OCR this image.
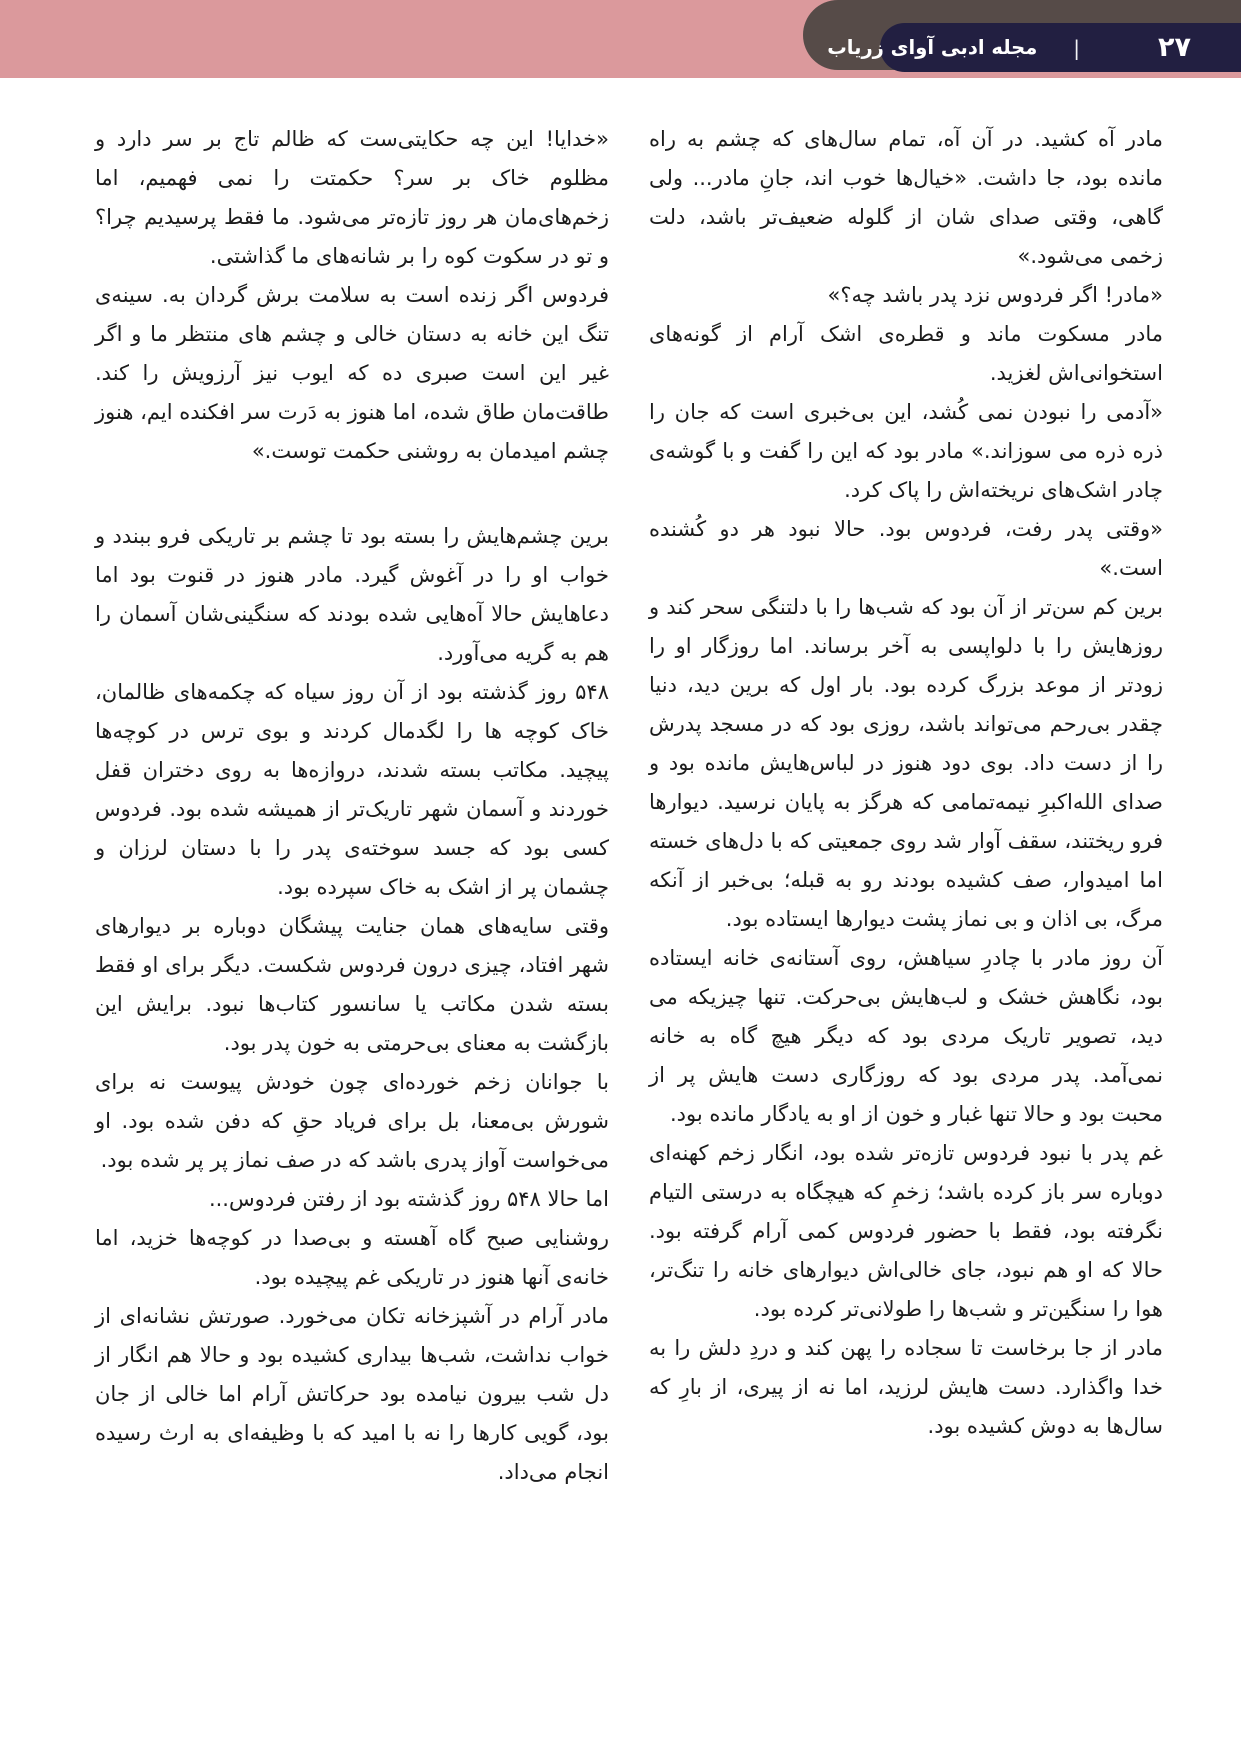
۲۷
|
مجله ادبی آوای زریاب

مادر آه کشید. در آن آه، تمام سال‌های که چشم به راه مانده بود، جا داشت. «خیال‌ها خوب اند، جانِ مادر... ولی گاهی، وقتی صدای شان از گلوله ضعیف‌تر باشد، دلت زخمی می‌شود.»

«مادر! اگر فردوس نزد پدر باشد چه؟»

مادر مسکوت ماند و قطره‌ی اشک آرام از گونه‌های استخوانی‌اش لغزید.

«آدمی را نبودن نمی کُشد، این بی‌خبری است که جان را ذره ذره می سوزاند.» مادر بود که این را گفت و با گوشه‌ی چادر اشک‌های نریخته‌اش را پاک کرد.

«وقتی پدر رفت، فردوس بود. حالا نبود هر دو کُشنده است.»

برین کم سن‌تر از آن بود که شب‌ها را با دلتنگی سحر کند و روزهایش را با دلواپسی به آخر برساند. اما روزگار او را زودتر از موعد بزرگ کرده بود. بار اول که برین دید، دنیا چقدر بی‌رحم می‌تواند باشد، روزی بود که در مسجد پدرش را از دست داد. بوی دود هنوز در لباس‌هایش مانده بود و صدای الله‌اکبرِ نیمه‌تمامی که هرگز به پایان نرسید. دیوارها فرو ریختند، سقف آوار شد روی جمعیتی که با دل‌های خسته اما امیدوار، صف کشیده بودند رو به قبله؛ بی‌خبر از آنکه مرگ، بی اذان و بی نماز پشت دیوارها ایستاده بود.

آن روز مادر با چادرِ سیاهش، روی آستانه‌ی خانه ایستاده بود، نگاهش خشک و لب‌هایش بی‌حرکت. تنها چیزیکه می دید، تصویر تاریک مردی بود که دیگر هیچ گاه به خانه نمی‌آمد. پدر مردی بود که روزگاری دست هایش پر از محبت بود و حالا تنها غبار و خون از او به یادگار مانده بود.

غم پدر با نبود فردوس تازه‌تر شده بود، انگار زخم کهنه‌ای دوباره سر باز کرده باشد؛ زخمِ که هیچگاه به درستی التیام نگرفته بود، فقط با حضور فردوس کمی آرام گرفته بود. حالا که او هم نبود، جای خالی‌اش دیوارهای خانه را تنگ‌تر، هوا را سنگین‌تر و شب‌ها را طولانی‌تر کرده بود.

مادر از جا برخاست تا سجاده را پهن کند و دردِ دلش را به خدا واگذارد. دست هایش لرزید، اما نه از پیری، از بارِ که سال‌ها به دوش کشیده بود.

«خدایا! این چه حکایتی‌ست که ظالم تاج بر سر دارد و مظلوم خاک بر سر؟ حکمتت را نمی فهمیم، اما زخم‌های‌مان هر روز تازه‌تر می‌شود. ما فقط پرسیدیم چرا؟ و تو در سکوت کوه را بر شانه‌های ما گذاشتی.

فردوس اگر زنده است به سلامت برش گردان به. سینه‌ی تنگ این خانه به دستان خالی و چشم های منتظر ما و اگر غیر این است صبری ده که ایوب نیز آرزویش را کند. طاقت‌مان طاق شده، اما هنوز به دَرت سر افکنده ایم، هنوز چشم امیدمان به روشنی حکمت توست.»

برین چشم‌هایش را بسته بود تا چشم بر تاریکی فرو ببندد و خواب او را در آغوش گیرد. مادر هنوز در قنوت بود اما دعاهایش حالا آه‌هایی شده بودند که سنگینی‌شان آسمان را هم به گریه می‌آورد.

۵۴۸ روز گذشته بود از آن روز سیاه که چکمه‌های ظالمان، خاک کوچه ها را لگدمال کردند و بوی ترس در کوچه‌ها پیچید. مکاتب بسته شدند، دروازه‌ها به روی دختران قفل خوردند و آسمان شهر تاریک‌تر از همیشه شده بود. فردوس کسی بود که جسد سوخته‌ی پدر را با دستان لرزان و چشمان پر از اشک به خاک سپرده بود.

وقتی سایه‌های همان جنایت پیشگان دوباره بر دیوارهای شهر افتاد، چیزی درون فردوس شکست. دیگر برای او فقط بسته شدن مکاتب یا سانسور کتاب‌ها نبود. برایش این بازگشت به معنای بی‌حرمتی به خون پدر بود.

با جوانان زخم خورده‌ای چون خودش پیوست نه برای شورش بی‌معنا، بل برای فریاد حقِ که دفن شده بود. او می‌خواست آواز پدری باشد که در صف نماز پر پر شده بود.

اما حالا ۵۴۸ روز گذشته بود از رفتن فردوس...

روشنایی صبح گاه آهسته و بی‌صدا در کوچه‌ها خزید، اما خانه‌ی آنها هنوز در تاریکی غم پیچیده بود.

مادر آرام در آشپزخانه تکان می‌خورد. صورتش نشانه‌ای از خواب نداشت، شب‌ها بیداری کشیده بود و حالا هم انگار از دل شب بیرون نیامده بود حرکاتش آرام اما خالی از جان بود، گویی کارها را نه با امید که با وظیفه‌ای به ارث رسیده انجام می‌داد.
